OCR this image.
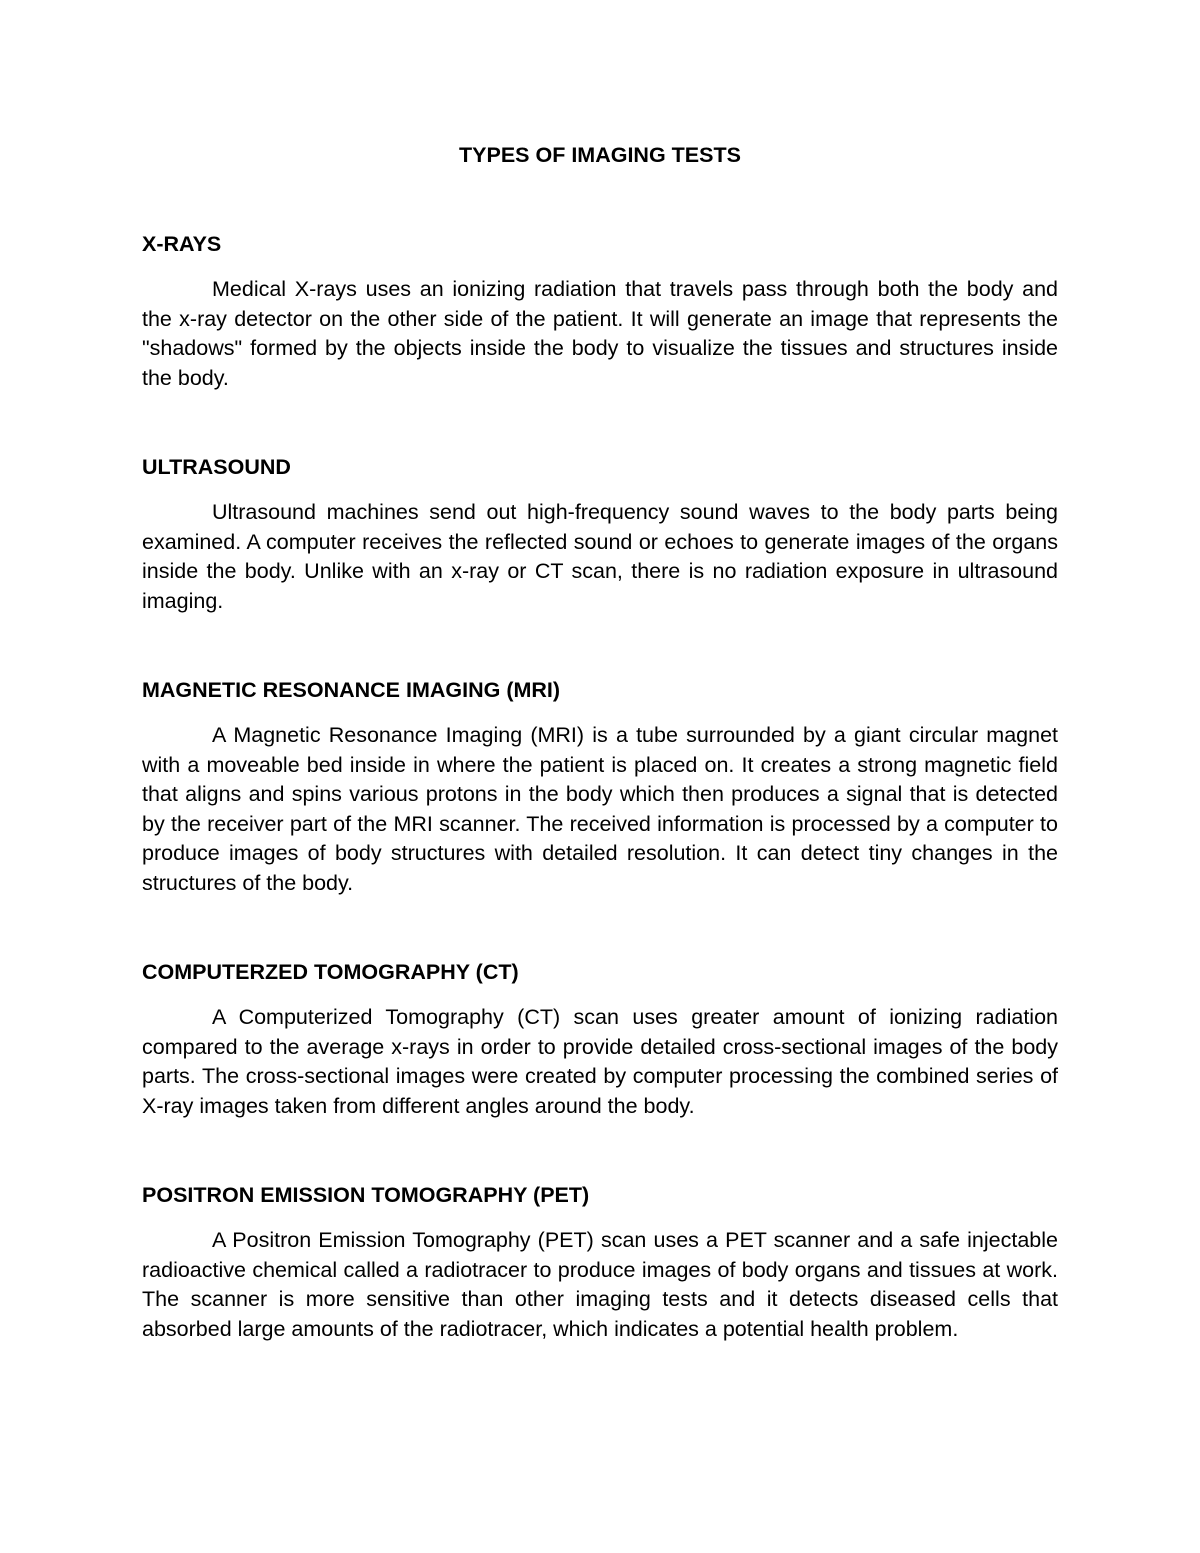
TYPES OF IMAGING TESTS
X-RAYS

Medical X-rays uses an ionizing radiation that travels pass through both the body and the x-ray detector on the other side of the patient. It will generate an image that represents the "shadows" formed by the objects inside the body to visualize the tissues and structures inside the body.

ULTRASOUND

Ultrasound machines send out high-frequency sound waves to the body parts being examined. A computer receives the reflected sound or echoes to generate images of the organs inside the body. Unlike with an x-ray or CT scan, there is no radiation exposure in ultrasound imaging.

MAGNETIC RESONANCE IMAGING (MRI)

A Magnetic Resonance Imaging (MRI) is a tube surrounded by a giant circular magnet with a moveable bed inside in where the patient is placed on. It creates a strong magnetic field that aligns and spins various protons in the body which then produces a signal that is detected by the receiver part of the MRI scanner. The received information is processed by a computer to produce images of body structures with detailed resolution. It can detect tiny changes in the structures of the body.

COMPUTERZED TOMOGRAPHY (CT)

A Computerized Tomography (CT) scan uses greater amount of ionizing radiation compared to the average x-rays in order to provide detailed cross-sectional images of the body parts. The cross-sectional images were created by computer processing the combined series of X-ray images taken from different angles around the body.

POSITRON EMISSION TOMOGRAPHY (PET)

A Positron Emission Tomography (PET) scan uses a PET scanner and a safe injectable radioactive chemical called a radiotracer to produce images of body organs and tissues at work. The scanner is more sensitive than other imaging tests and it detects diseased cells that absorbed large amounts of the radiotracer, which indicates a potential health problem.
